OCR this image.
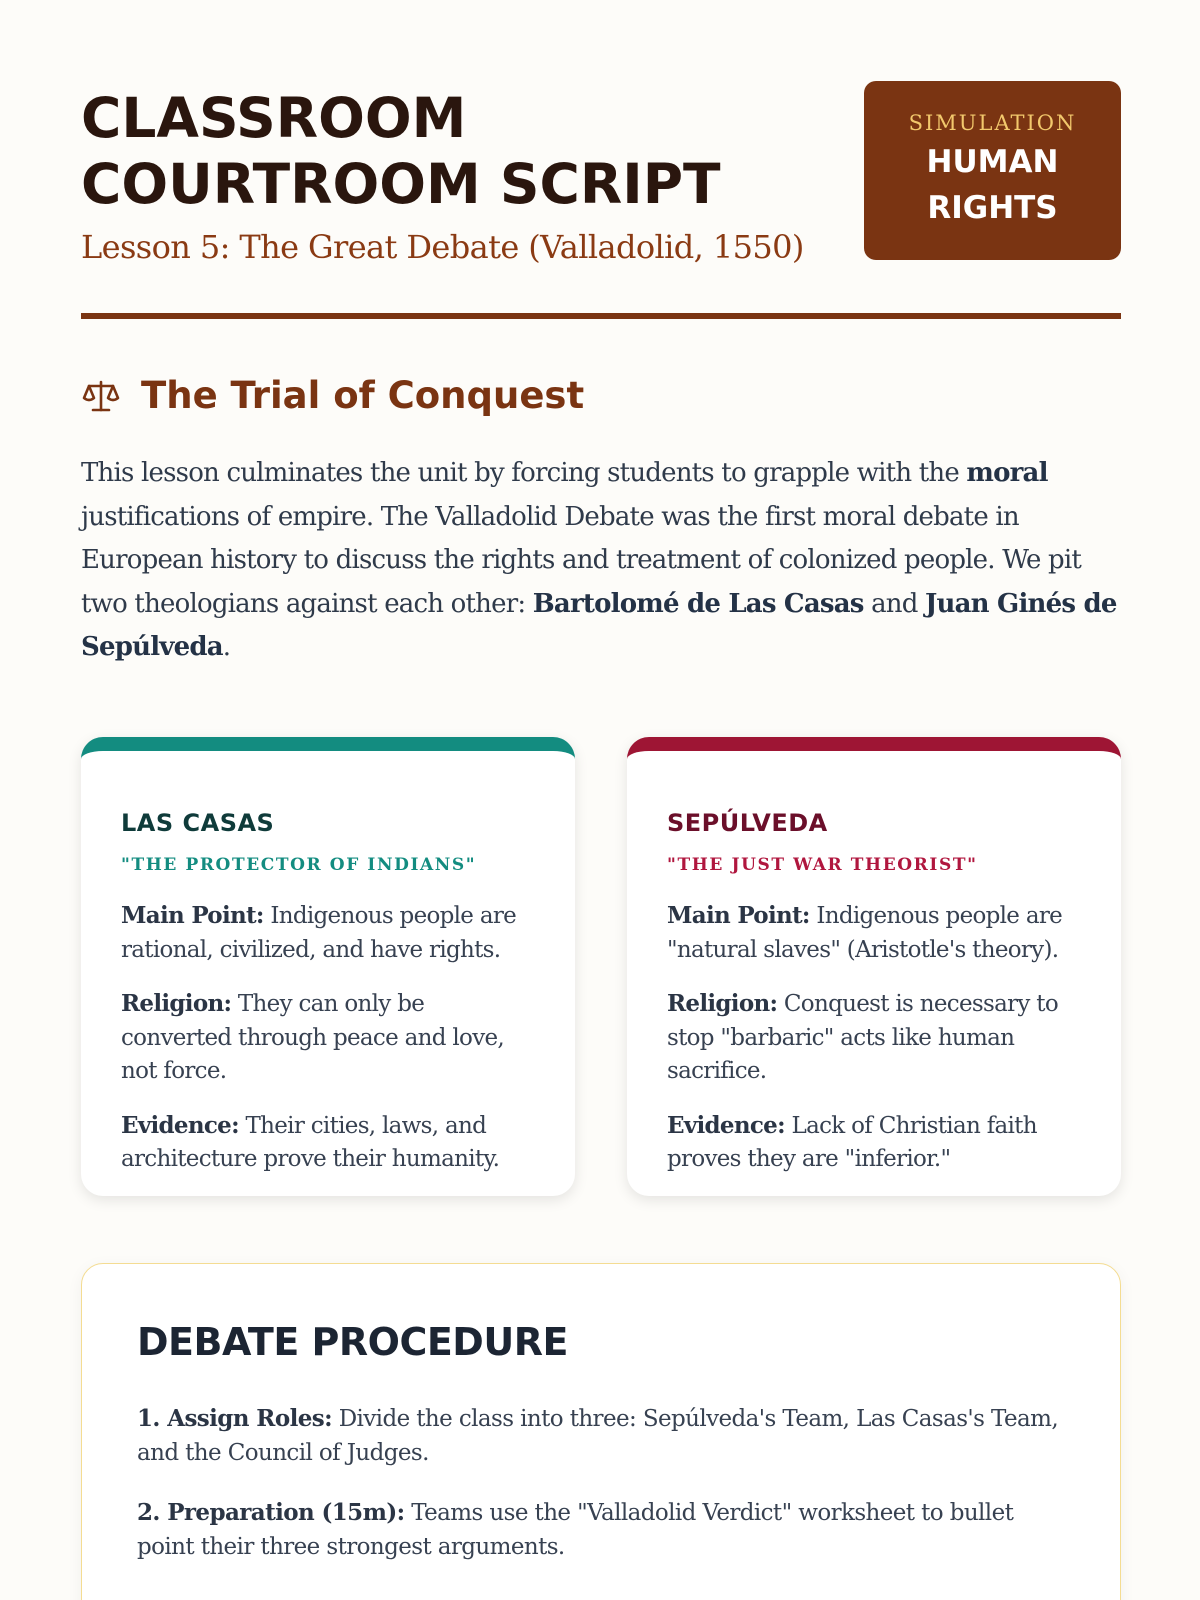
CLASSROOM
COURTROOM SCRIPT
Lesson 5: The Great Debate (Valladolid, 1550)
SIMULATION
HUMAN
RIGHTS
The Trial of Conquest

This lesson culminates the unit by forcing students to grapple with the moral justifications of empire. The Valladolid Debate was the first moral debate in European history to discuss the rights and treatment of colonized people. We pit two theologians against each other: Bartolomé de Las Casas and Juan Ginés de Sepúlveda.

LAS CASAS
"THE PROTECTOR OF INDIANS"

Main Point: Indigenous people are rational, civilized, and have rights.

Religion: They can only be converted through peace and love, not force.

Evidence: Their cities, laws, and architecture prove their humanity.

SEPÚLVEDA
"THE JUST WAR THEORIST"

Main Point: Indigenous people are "natural slaves" (Aristotle's theory).

Religion: Conquest is necessary to stop "barbaric" acts like human sacrifice.

Evidence: Lack of Christian faith proves they are "inferior."

DEBATE PROCEDURE

1. Assign Roles: Divide the class into three: Sepúlveda's Team, Las Casas's Team, and the Council of Judges.

2. Preparation (15m): Teams use the "Valladolid Verdict" worksheet to bullet point their three strongest arguments.
